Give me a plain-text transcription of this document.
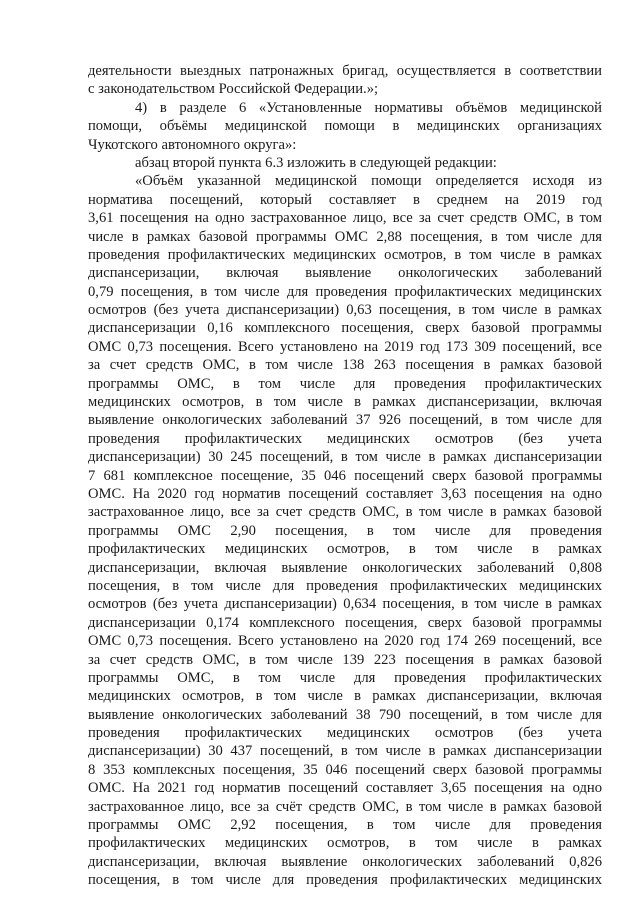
деятельности выездных патронажных бригад, осуществляется в соответствии
с законодательством Российской Федерации.»;
4) в разделе 6 «Установленные нормативы объёмов медицинской
помощи, объёмы медицинской помощи в медицинских организациях
Чукотского автономного округа»:
абзац второй пункта 6.3 изложить в следующей редакции:
«Объём указанной медицинской помощи определяется исходя из
норматива посещений, который составляет в среднем на 2019 год
3,61 посещения на одно застрахованное лицо, все за счет средств ОМС, в том
числе в рамках базовой программы ОМС 2,88 посещения, в том числе для
проведения профилактических медицинских осмотров, в том числе в рамках
диспансеризации, включая выявление онкологических заболеваний
0,79 посещения, в том числе для проведения профилактических медицинских
осмотров (без учета диспансеризации) 0,63 посещения, в том числе в рамках
диспансеризации 0,16 комплексного посещения, сверх базовой программы
ОМС 0,73 посещения. Всего установлено на 2019 год 173 309 посещений, все
за счет средств ОМС, в том числе 138 263 посещения в рамках базовой
программы ОМС, в том числе для проведения профилактических
медицинских осмотров, в том числе в рамках диспансеризации, включая
выявление онкологических заболеваний 37 926 посещений, в том числе для
проведения профилактических медицинских осмотров (без учета
диспансеризации) 30 245 посещений, в том числе в рамках диспансеризации
7 681 комплексное посещение, 35 046 посещений сверх базовой программы
ОМС. На 2020 год норматив посещений составляет 3,63 посещения на одно
застрахованное лицо, все за счет средств ОМС, в том числе в рамках базовой
программы ОМС 2,90 посещения, в том числе для проведения
профилактических медицинских осмотров, в том числе в рамках
диспансеризации, включая выявление онкологических заболеваний 0,808
посещения, в том числе для проведения профилактических медицинских
осмотров (без учета диспансеризации) 0,634 посещения, в том числе в рамках
диспансеризации 0,174 комплексного посещения, сверх базовой программы
ОМС 0,73 посещения. Всего установлено на 2020 год 174 269 посещений, все
за счет средств ОМС, в том числе 139 223 посещения в рамках базовой
программы ОМС, в том числе для проведения профилактических
медицинских осмотров, в том числе в рамках диспансеризации, включая
выявление онкологических заболеваний 38 790 посещений, в том числе для
проведения профилактических медицинских осмотров (без учета
диспансеризации) 30 437 посещений, в том числе в рамках диспансеризации
8 353 комплексных посещения, 35 046 посещений сверх базовой программы
ОМС. На 2021 год норматив посещений составляет 3,65 посещения на одно
застрахованное лицо, все за счёт средств ОМС, в том числе в рамках базовой
программы ОМС 2,92 посещения, в том числе для проведения
профилактических медицинских осмотров, в том числе в рамках
диспансеризации, включая выявление онкологических заболеваний 0,826
посещения, в том числе для проведения профилактических медицинских
